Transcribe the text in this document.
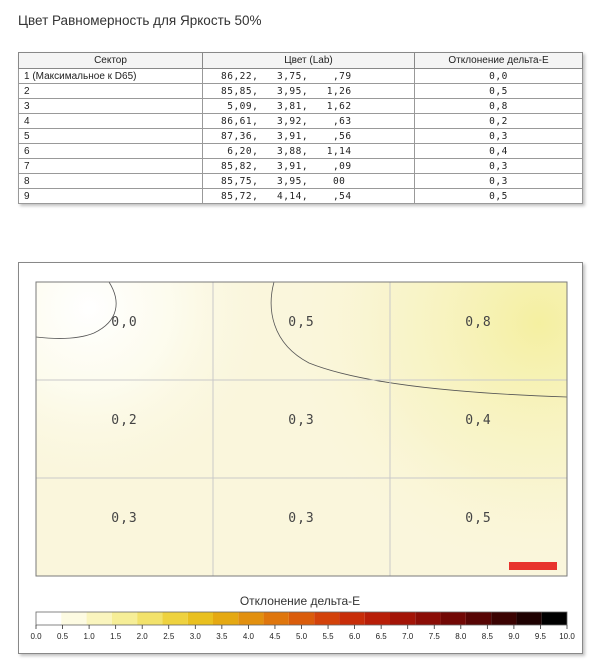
Цвет Равномерность для Яркость 50%
Сектор	Цвет (Lab)	Отклонение дельта-E
1 (Максимальное к D65)	86,22,   3,75,    ,79	0,0
2	85,85,   3,95,   1,26	0,5
3	5,09,   3,81,   1,62	0,8
4	86,61,   3,92,    ,63	0,2
5	87,36,   3,91,    ,56	0,3
6	6,20,   3,88,   1,14	0,4
7	85,82,   3,91,    ,09	0,3
8	85,75,   3,95,    00	0,3
9	85,72,   4,14,    ,54	0,5
0,0	0,5	0,8
0,2	0,3	0,4
0,3	0,3	0,5
Отклонение дельта-E
0.0 0.5 1.0 1.5 2.0 2.5 3.0 3.5 4.0 4.5 5.0 5.5 6.0 6.5 7.0 7.5 8.0 8.5 9.0 9.5 10.0
